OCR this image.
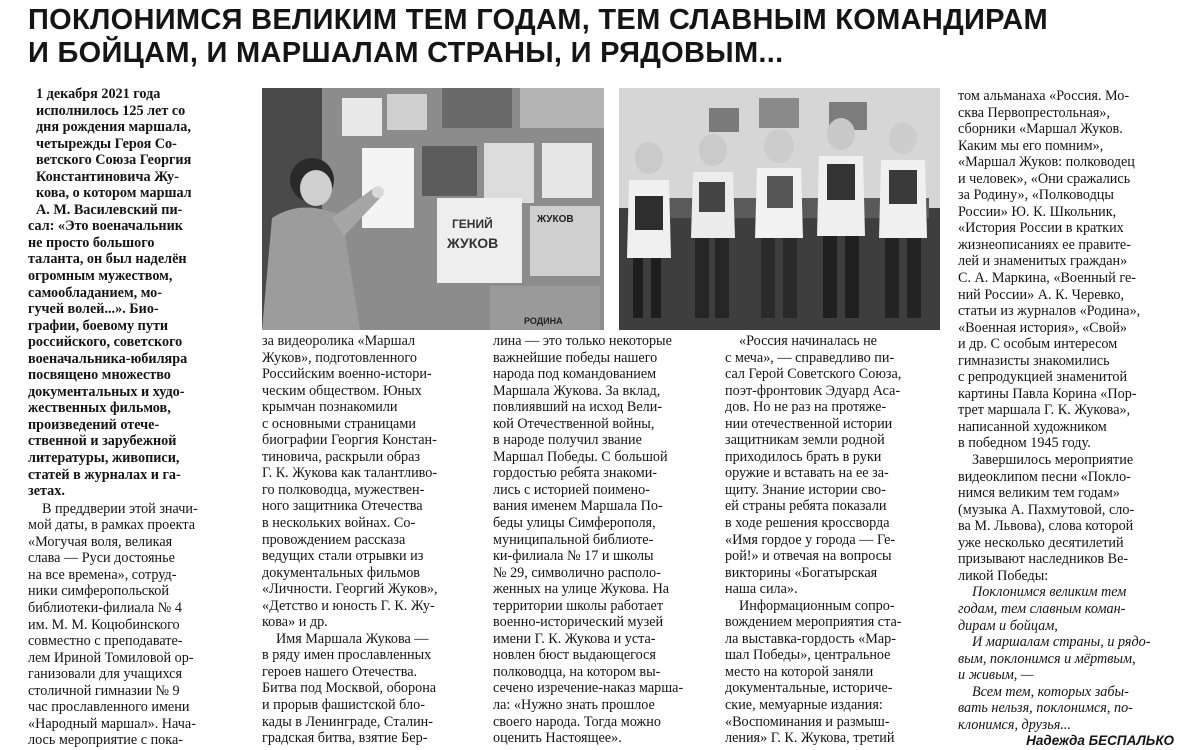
ПОКЛОНИМСЯ ВЕЛИКИМ ТЕМ ГОДАМ, ТЕМ СЛАВНЫМ КОМАНДИРАМ
И БОЙЦАМ, И МАРШАЛАМ СТРАНЫ, И РЯДОВЫМ...
ГЕНИЙ
ЖУКОВ
ЖУКОВ
РОДИНА
1 декабря 2021 года
исполнилось 125 лет со
дня рождения маршала,
четырежды Героя Со-
ветского Союза Георгия
Константиновича Жу-
кова, о котором маршал
А. М. Василевский пи-
сал: «Это военачальник
не просто большого
таланта, он был наделён
огромным мужеством,
самообладанием, мо-
гучей волей...». Био-
графии, боевому пути
российского, советского
военачальника-юбиляра
посвящено множество
документальных и худо-
жественных фильмов,
произведений отече-
ственной и зарубежной
литературы, живописи,
статей в журналах и га-
зетах.
В преддверии этой значи-
мой даты, в рамках проекта
«Могучая воля, великая
слава — Руси достоянье
на все времена», сотруд-
ники симферопольской
библиотеки-филиала № 4
им. М. М. Коцюбинского
совместно с преподавате-
лем Ириной Томиловой ор-
ганизовали для учащихся
столичной гимназии № 9
час прославленного имени
«Народный маршал». Нача-
лось мероприятие с пока-
за видеоролика «Маршал
Жуков», подготовленного
Российским военно-истори-
ческим обществом. Юных
крымчан познакомили
с основными страницами
биографии Георгия Констан-
тиновича, раскрыли образ
Г. К. Жукова как талантливо-
го полководца, мужествен-
ного защитника Отечества
в нескольких войнах. Со-
провождением рассказа
ведущих стали отрывки из
документальных фильмов
«Личности. Георгий Жуков»,
«Детство и юность Г. К. Жу-
кова» и др.
Имя Маршала Жукова —
в ряду имен прославленных
героев нашего Отечества.
Битва под Москвой, оборона
и прорыв фашистской бло-
кады в Ленинграде, Сталин-
градская битва, взятие Бер-
лина — это только некоторые
важнейшие победы нашего
народа под командованием
Маршала Жукова. За вклад,
повлиявший на исход Вели-
кой Отечественной войны,
в народе получил звание
Маршал Победы. С большой
гордостью ребята знакоми-
лись с историей поимено-
вания именем Маршала По-
беды улицы Симферополя,
муниципальной библиоте-
ки-филиала № 17 и школы
№ 29, символично располо-
женных на улице Жукова. На
территории школы работает
военно-исторический музей
имени Г. К. Жукова и уста-
новлен бюст выдающегося
полководца, на котором вы-
сечено изречение-наказ марша-
ла: «Нужно знать прошлое
своего народа. Тогда можно
оценить Настоящее».
«Россия начиналась не
с меча», — справедливо пи-
сал Герой Советского Союза,
поэт-фронтовик Эдуард Аса-
дов. Но не раз на протяже-
нии отечественной истории
защитникам земли родной
приходилось брать в руки
оружие и вставать на ее за-
щиту. Знание истории сво-
ей страны ребята показали
в ходе решения кроссворда
«Имя гордое у города — Ге-
рой!» и отвечая на вопросы
викторины «Богатырская
наша сила».
Информационным сопро-
вождением мероприятия ста-
ла выставка-гордость «Мар-
шал Победы», центральное
место на которой заняли
документальные, историче-
ские, мемуарные издания:
«Воспоминания и размыш-
ления» Г. К. Жукова, третий
том альманаха «Россия. Мо-
сква Первопрестольная»,
сборники «Маршал Жуков.
Каким мы его помним»,
«Маршал Жуков: полководец
и человек», «Они сражались
за Родину», «Полководцы
России» Ю. К. Школьник,
«История России в кратких
жизнеописаниях ее правите-
лей и знаменитых граждан»
С. А. Маркина, «Военный ге-
ний России» А. К. Черевко,
статьи из журналов «Родина»,
«Военная история», «Свой»
и др. С особым интересом
гимназисты знакомились
с репродукцией знаменитой
картины Павла Корина «Пор-
трет маршала Г. К. Жукова»,
написанной художником
в победном 1945 году.
Завершилось мероприятие
видеоклипом песни «Покло-
нимся великим тем годам»
(музыка А. Пахмутовой, сло-
ва М. Львова), слова которой
уже несколько десятилетий
призывают наследников Ве-
ликой Победы:
Поклонимся великим тем
годам, тем славным коман-
дирам и бойцам,
И маршалам страны, и рядо-
вым, поклонимся и мёртвым,
и живым, —
Всем тем, которых забы-
вать нельзя, поклонимся, по-
клонимся, друзья...
Надежда БЕСПАЛЬКО
